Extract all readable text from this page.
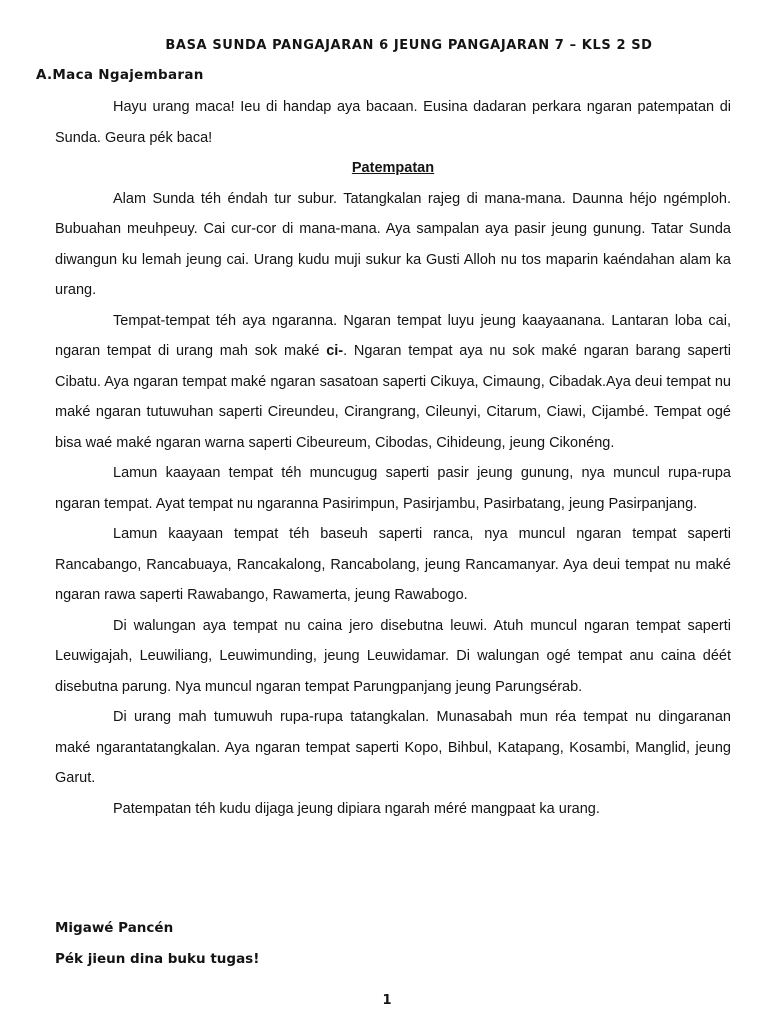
BASA SUNDA PANGAJARAN 6 JEUNG PANGAJARAN 7 – KLS 2 SD
A.Maca Ngajembaran

Hayu urang maca! Ieu di handap aya bacaan. Eusina dadaran perkara ngaran patempatan di Sunda. Geura pék baca!

Patempatan

Alam Sunda téh éndah tur subur. Tatangkalan rajeg di mana-mana. Daunna héjo ngémploh. Bubuahan meuhpeuy. Cai cur-cor di mana-mana. Aya sampalan aya pasir jeung gunung. Tatar Sunda diwangun ku lemah jeung cai. Urang kudu muji sukur ka Gusti Alloh nu tos maparin kaéndahan alam ka urang.

Tempat-tempat téh aya ngaranna. Ngaran tempat luyu jeung kaayaanana. Lantaran loba cai, ngaran tempat di urang mah sok maké ci-. Ngaran tempat aya nu sok maké ngaran barang saperti Cibatu. Aya ngaran tempat maké ngaran sasatoan saperti Cikuya, Cimaung, Cibadak.Aya deui tempat nu maké ngaran tutuwuhan saperti Cireundeu, Cirangrang, Cileunyi, Citarum, Ciawi, Cijambé. Tempat ogé bisa waé maké ngaran warna saperti Cibeureum, Cibodas, Cihideung, jeung Cikonéng.

Lamun kaayaan tempat téh muncugug saperti pasir jeung gunung, nya muncul rupa-rupa ngaran tempat. Ayat tempat nu ngaranna Pasirimpun, Pasirjambu, Pasirbatang, jeung Pasirpanjang.

Lamun kaayaan tempat téh baseuh saperti ranca, nya muncul ngaran tempat saperti Rancabango, Rancabuaya, Rancakalong, Rancabolang, jeung Rancamanyar. Aya deui tempat nu maké ngaran rawa saperti Rawabango, Rawamerta, jeung Rawabogo.

Di walungan aya tempat nu caina jero disebutna leuwi. Atuh muncul ngaran tempat saperti Leuwigajah, Leuwiliang, Leuwimunding, jeung Leuwidamar. Di walungan ogé tempat anu caina déét disebutna parung. Nya muncul ngaran tempat Parungpanjang jeung Parungsérab.

Di urang mah tumuwuh rupa-rupa tatangkalan. Munasabah mun réa tempat nu dingaranan maké ngarantatangkalan. Aya ngaran tempat saperti Kopo, Bihbul, Katapang, Kosambi, Manglid, jeung Garut.

Patempatan téh kudu dijaga jeung dipiara ngarah méré mangpaat ka urang.

Migawé Pancén

Pék jieun dina buku tugas!

1
